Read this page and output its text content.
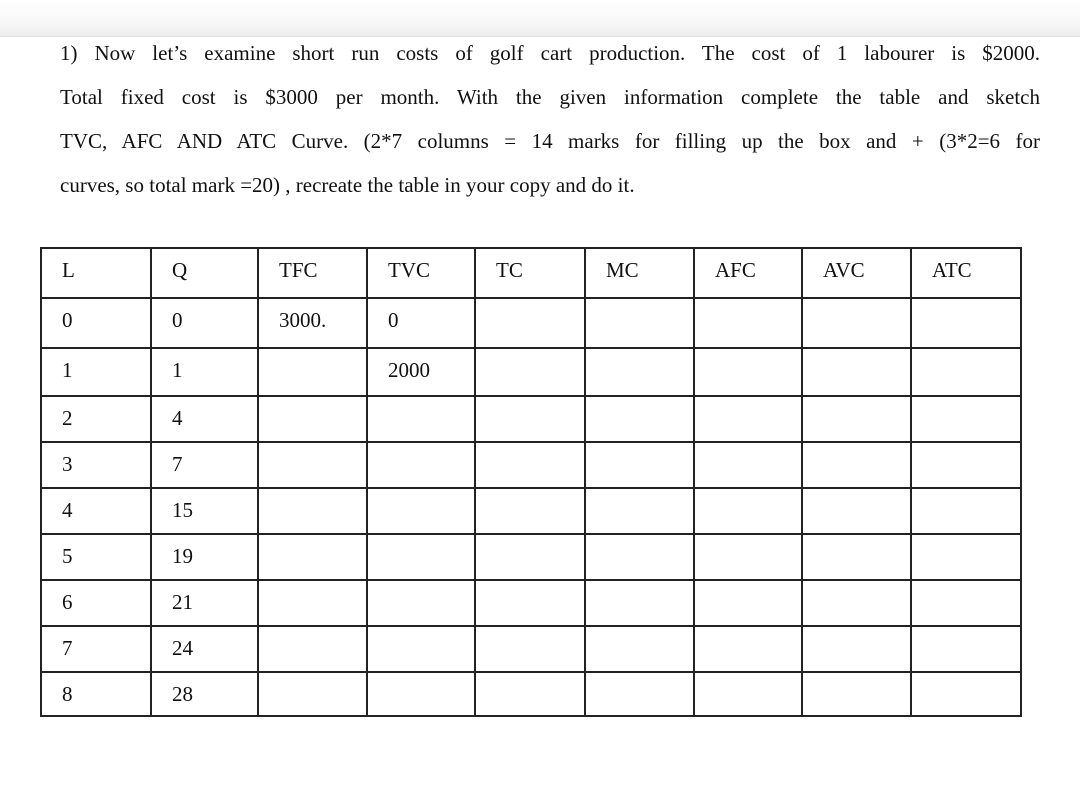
1) Now let’s examine short run costs of golf cart production. The cost of 1 labourer is $2000.
Total fixed cost is $3000 per month. With the given information complete the table and sketch
TVC, AFC AND ATC Curve. (2*7 columns = 14 marks for filling up the box and + (3*2=6 for
curves, so total mark =20) , recreate the table in your copy and do it.

L	Q	TFC	TVC	TC	MC	AFC	AVC	ATC
0	0	3000.	0					
1	1		2000					
2	4							
3	7							
4	15							
5	19							
6	21							
7	24							
8	28							
